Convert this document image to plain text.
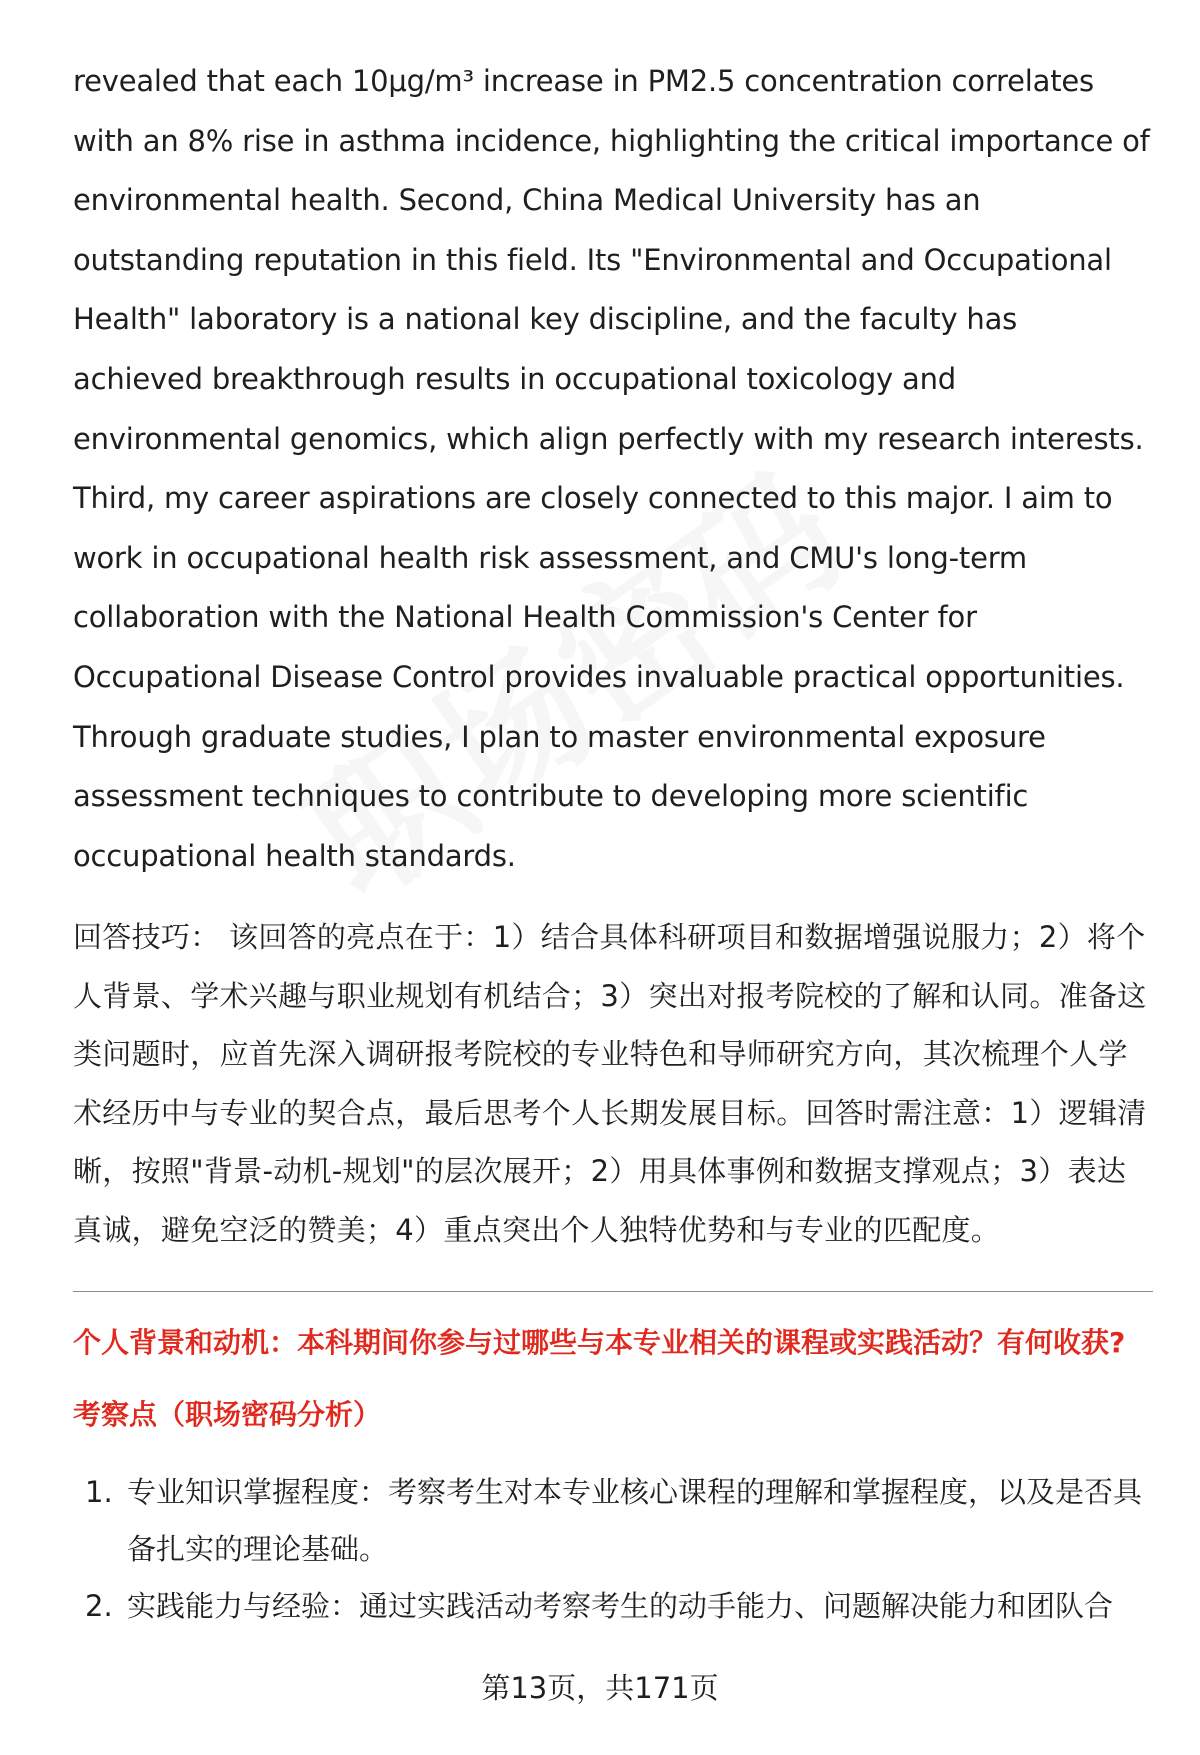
revealed that each 10μg/m³ increase in PM2.5 concentration correlates with an 8% rise in asthma incidence, highlighting the critical importance of environmental health. Second, China Medical University has an outstanding reputation in this field. Its "Environmental and Occupational Health" laboratory is a national key discipline, and the faculty has achieved breakthrough results in occupational toxicology and environmental genomics, which align perfectly with my research interests. Third, my career aspirations are closely connected to this major. I aim to work in occupational health risk assessment, and CMU's long-term collaboration with the National Health Commission's Center for Occupational Disease Control provides invaluable practical opportunities. Through graduate studies, I plan to master environmental exposure assessment techniques to contribute to developing more scientific occupational health standards.

回答技巧： 该回答的亮点在于：1）结合具体科研项目和数据增强说服力；2）将个人背景、学术兴趣与职业规划有机结合；3）突出对报考院校的了解和认同。准备这类问题时，应首先深入调研报考院校的专业特色和导师研究方向，其次梳理个人学术经历中与专业的契合点，最后思考个人长期发展目标。回答时需注意：1）逻辑清晰，按照"背景-动机-规划"的层次展开；2）用具体事例和数据支撑观点；3）表达真诚，避免空泛的赞美；4）重点突出个人独特优势和与专业的匹配度。

个人背景和动机：本科期间你参与过哪些与本专业相关的课程或实践活动？有何收获?
考察点（职场密码分析）
1. 专业知识掌握程度：考察考生对本专业核心课程的理解和掌握程度，以及是否具备扎实的理论基础。
2. 实践能力与经验：通过实践活动考察考生的动手能力、问题解决能力和团队合
第13页，共171页
